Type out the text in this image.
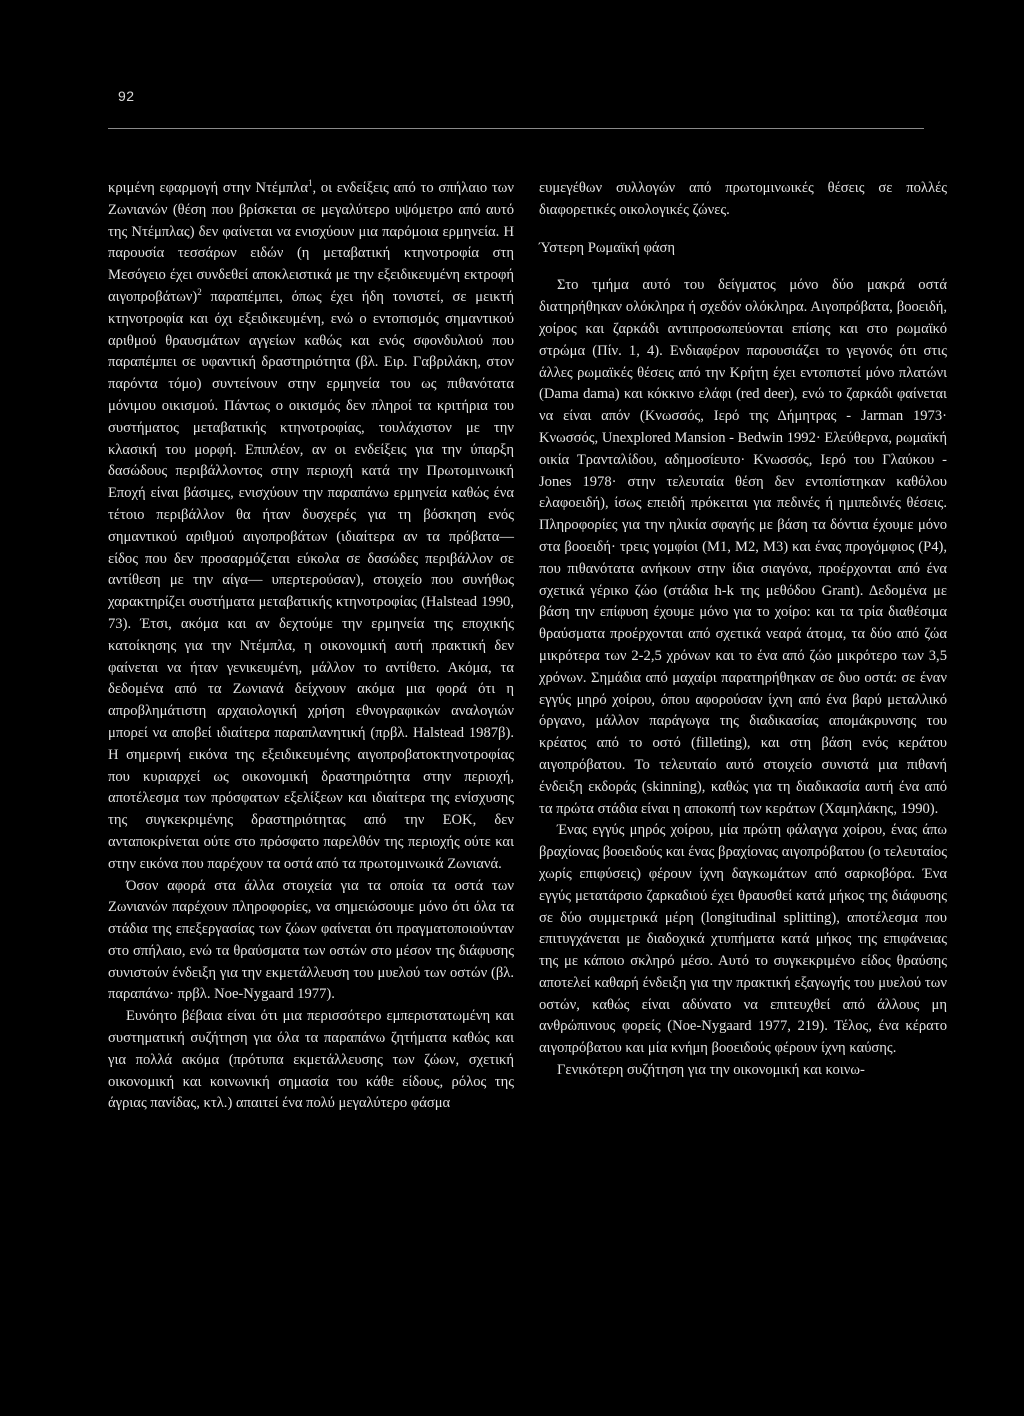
92

κριμένη εφαρμογή στην Ντέμπλα$^1$, οι ενδείξεις από το σπήλαιο των Ζωνιανών (θέση που βρίσκεται σε μεγαλύτερο υψόμετρο από αυτό της Ντέμπλας) δεν φαίνεται να ενισχύουν μια παρόμοια ερμηνεία. Η παρουσία τεσσάρων ειδών (η μεταβατική κτηνοτροφία στη Μεσόγειο έχει συνδεθεί αποκλειστικά με την εξειδικευμένη εκτροφή αιγοπροβάτων)$^2$ παραπέμπει, όπως έχει ήδη τονιστεί, σε μεικτή κτηνοτροφία και όχι εξειδικευμένη, ενώ ο εντοπισμός σημαντικού αριθμού θραυσμάτων αγγείων καθώς και ενός σφονδυλιού που παραπέμπει σε υφαντική δραστηριότητα (βλ. Ειρ. Γαβριλάκη, στον παρόντα τόμο) συντείνουν στην ερμηνεία του ως πιθανότατα μόνιμου οικισμού. Πάντως ο οικισμός δεν πληροί τα κριτήρια του συστήματος μεταβατικής κτηνοτροφίας, τουλάχιστον με την κλασική του μορφή. Επιπλέον, αν οι ενδείξεις για την ύπαρξη δασώδους περιβάλλοντος στην περιοχή κατά την Πρωτομινωική Εποχή είναι βάσιμες, ενισχύουν την παραπάνω ερμηνεία καθώς ένα τέτοιο περιβάλλον θα ήταν δυσχερές για τη βόσκηση ενός σημαντικού αριθμού αιγοπροβάτων (ιδιαίτερα αν τα πρόβατα— είδος που δεν προσαρμόζεται εύκολα σε δασώδες περιβάλλον σε αντίθεση με την αίγα— υπερτερούσαν), στοιχείο που συνήθως χαρακτηρίζει συστήματα μεταβατικής κτηνοτροφίας (Halstead 1990, 73). Έτσι, ακόμα και αν δεχτούμε την ερμηνεία της εποχικής κατοίκησης για την Ντέμπλα, η οικονομική αυτή πρακτική δεν φαίνεται να ήταν γενικευμένη, μάλλον το αντίθετο. Ακόμα, τα δεδομένα από τα Ζωνιανά δείχνουν ακόμα μια φορά ότι η απροβλημάτιστη αρχαιολογική χρήση εθνογραφικών αναλογιών μπορεί να αποβεί ιδιαίτερα παραπλανητική (πρβλ. Halstead 1987β). Η σημερινή εικόνα της εξειδικευμένης αιγοπροβατοκτηνοτροφίας που κυριαρχεί ως οικονομική δραστηριότητα στην περιοχή, αποτέλεσμα των πρόσφατων εξελίξεων και ιδιαίτερα της ενίσχυσης της συγκεκριμένης δραστηριότητας από την ΕΟΚ, δεν ανταποκρίνεται ούτε στο πρόσφατο παρελθόν της περιοχής ούτε και στην εικόνα που παρέχουν τα οστά από τα πρωτομινωικά Ζωνιανά.

Όσον αφορά στα άλλα στοιχεία για τα οποία τα οστά των Ζωνιανών παρέχουν πληροφορίες, να σημειώσουμε μόνο ότι όλα τα στάδια της επεξεργασίας των ζώων φαίνεται ότι πραγματοποιούνταν στο σπήλαιο, ενώ τα θραύσματα των οστών στο μέσον της διάφυσης συνιστούν ένδειξη για την εκμετάλλευση του μυελού των οστών (βλ. παραπάνω· πρβλ. Noe-Nygaard 1977).

Ευνόητο βέβαια είναι ότι μια περισσότερο εμπεριστατωμένη και συστηματική συζήτηση για όλα τα παραπάνω ζητήματα καθώς και για πολλά ακόμα (πρότυπα εκμετάλλευσης των ζώων, σχετική οικονομική και κοινωνική σημασία του κάθε είδους, ρόλος της άγριας πανίδας, κτλ.) απαιτεί ένα πολύ μεγαλύτερο φάσμα

ευμεγέθων συλλογών από πρωτομινωικές θέσεις σε πολλές διαφορετικές οικολογικές ζώνες.

Ύστερη Ρωμαϊκή φάση

Στο τμήμα αυτό του δείγματος μόνο δύο μακρά οστά διατηρήθηκαν ολόκληρα ή σχεδόν ολόκληρα. Αιγοπρόβατα, βοοειδή, χοίρος και ζαρκάδι αντιπροσωπεύονται επίσης και στο ρωμαϊκό στρώμα (Πίν. 1, 4). Ενδιαφέρον παρουσιάζει το γεγονός ότι στις άλλες ρωμαϊκές θέσεις από την Κρήτη έχει εντοπιστεί μόνο πλατώνι (Dama dama) και κόκκινο ελάφι (red deer), ενώ το ζαρκάδι φαίνεται να είναι απόν (Κνωσσός, Ιερό της Δήμητρας - Jarman 1973· Κνωσσός, Unexplored Mansion - Bedwin 1992· Ελεύθερνα, ρωμαϊκή οικία Τρανταλίδου, αδημοσίευτο· Κνωσσός, Ιερό του Γλαύκου - Jones 1978· στην τελευταία θέση δεν εντοπίστηκαν καθόλου ελαφοειδή), ίσως επειδή πρόκειται για πεδινές ή ημιπεδινές θέσεις. Πληροφορίες για την ηλικία σφαγής με βάση τα δόντια έχουμε μόνο στα βοοειδή· τρεις γομφίοι (Μ1, Μ2, Μ3) και ένας προγόμφιος (Ρ4), που πιθανότατα ανήκουν στην ίδια σιαγόνα, προέρχονται από ένα σχετικά γέρικο ζώο (στάδια h-k της μεθόδου Grant). Δεδομένα με βάση την επίφυση έχουμε μόνο για το χοίρο: και τα τρία διαθέσιμα θραύσματα προέρχονται από σχετικά νεαρά άτομα, τα δύο από ζώα μικρότερα των 2-2,5 χρόνων και το ένα από ζώο μικρότερο των 3,5 χρόνων. Σημάδια από μαχαίρι παρατηρήθηκαν σε δυο οστά: σε έναν εγγύς μηρό χοίρου, όπου αφορούσαν ίχνη από ένα βαρύ μεταλλικό όργανο, μάλλον παράγωγα της διαδικασίας απομάκρυνσης του κρέατος από το οστό (filleting), και στη βάση ενός κεράτου αιγοπρόβατου. Το τελευταίο αυτό στοιχείο συνιστά μια πιθανή ένδειξη εκδοράς (skinning), καθώς για τη διαδικασία αυτή ένα από τα πρώτα στάδια είναι η αποκοπή των κεράτων (Χαμηλάκης, 1990).

Ένας εγγύς μηρός χοίρου, μία πρώτη φάλαγγα χοίρου, ένας άπω βραχίονας βοοειδούς και ένας βραχίονας αιγοπρόβατου (ο τελευταίος χωρίς επιφύσεις) φέρουν ίχνη δαγκωμάτων από σαρκοβόρα. Ένα εγγύς μετατάρσιο ζαρκαδιού έχει θραυσθεί κατά μήκος της διάφυσης σε δύο συμμετρικά μέρη (longitudinal splitting), αποτέλεσμα που επιτυγχάνεται με διαδοχικά χτυπήματα κατά μήκος της επιφάνειας της με κάποιο σκληρό μέσο. Αυτό το συγκεκριμένο είδος θραύσης αποτελεί καθαρή ένδειξη για την πρακτική εξαγωγής του μυελού των οστών, καθώς είναι αδύνατο να επιτευχθεί από άλλους μη ανθρώπινους φορείς (Noe-Nygaard 1977, 219). Τέλος, ένα κέρατο αιγοπρόβατου και μία κνήμη βοοειδούς φέρουν ίχνη καύσης.

Γενικότερη συζήτηση για την οικονομική και κοινω-
